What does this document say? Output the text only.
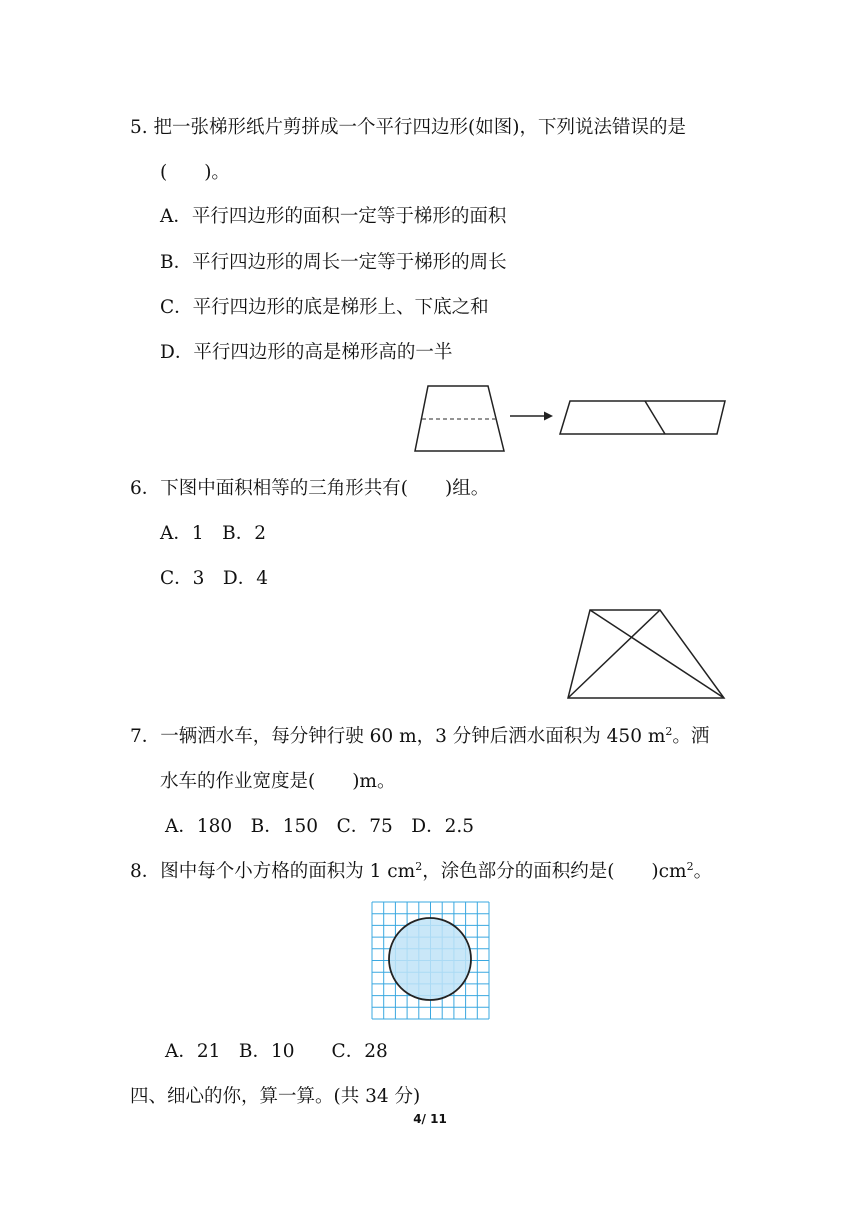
5. 把一张梯形纸片剪拼成一个平行四边形(如图)，下列说法错误的是
(　　)。
A．平行四边形的面积一定等于梯形的面积
B．平行四边形的周长一定等于梯形的周长
C．平行四边形的底是梯形上、下底之和
D．平行四边形的高是梯形高的一半
6．下图中面积相等的三角形共有(　　)组。
A．1　B．2
C．3　D．4
7．一辆洒水车，每分钟行驶 60 m，3 分钟后洒水面积为 450 $m^2$。洒
水车的作业宽度是(　　)m。
A．180　B．150　C．75　D．2.5
8．图中每个小方格的面积为 1 $cm^2$，涂色部分的面积约是(　　)$cm^2$。
A．21　B．10　　C．28
四、细心的你，算一算。(共 34 分)
4/ 11
